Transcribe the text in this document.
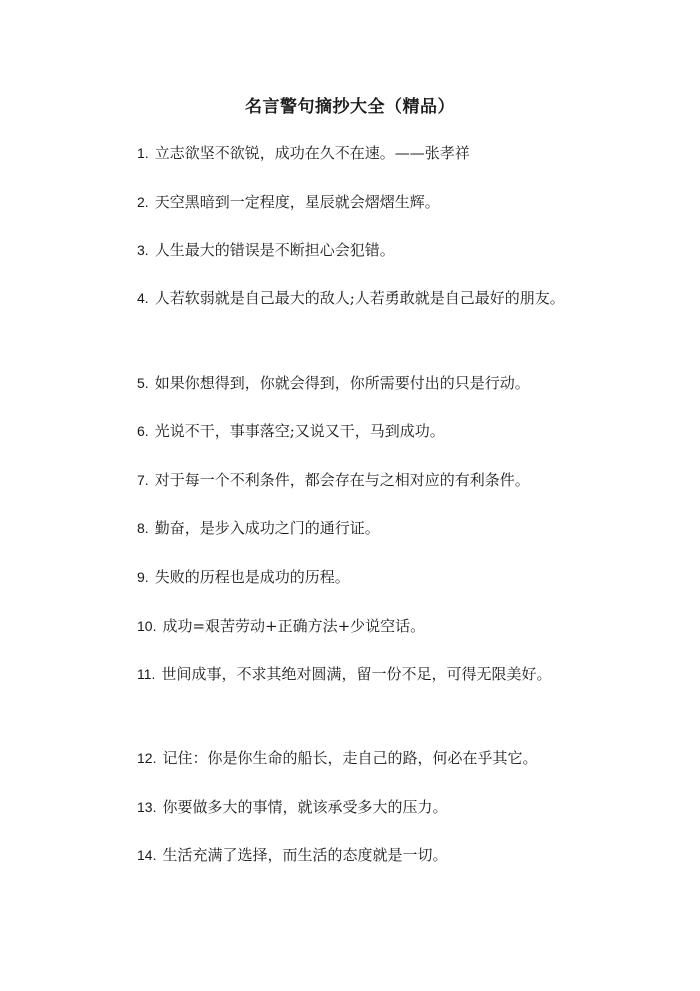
名言警句摘抄大全（精品）
1. 立志欲坚不欲锐，成功在久不在速。——张孝祥
2. 天空黑暗到一定程度，星辰就会熠熠生辉。
3. 人生最大的错误是不断担心会犯错。
4. 人若软弱就是自己最大的敌人;人若勇敢就是自己最好的朋友。
5. 如果你想得到，你就会得到，你所需要付出的只是行动。
6. 光说不干，事事落空;又说又干，马到成功。
7. 对于每一个不利条件，都会存在与之相对应的有利条件。
8. 勤奋，是步入成功之门的通行证。
9. 失败的历程也是成功的历程。
10. 成功=艰苦劳动+正确方法+少说空话。
11. 世间成事，不求其绝对圆满，留一份不足，可得无限美好。
12. 记住：你是你生命的船长，走自己的路，何必在乎其它。
13. 你要做多大的事情，就该承受多大的压力。
14. 生活充满了选择，而生活的态度就是一切。
